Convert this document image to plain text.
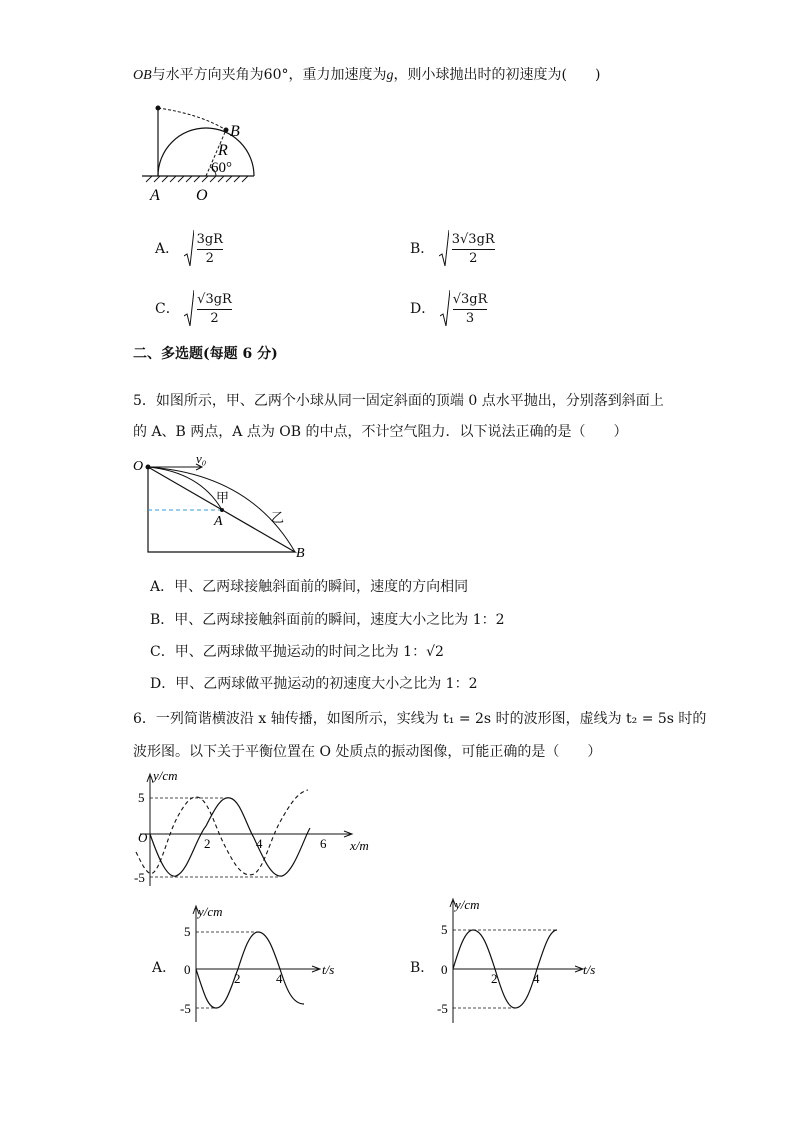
OB与水平方向夹角为60°，重力加速度为g，则小球抛出时的初速度为(　　)
B
R
60°
A O
A．
3gR
2
B．
3√3gR
2
C．
√3gR
2
D．
√3gR
3
二、多选题(每题 6 分)
5．如图所示，甲、乙两个小球从同一固定斜面的顶端 0 点水平抛出，分别落到斜面上
的 A、B 两点，A 点为 OB 的中点，不计空气阻力．以下说法正确的是（　　）
O
v₀
甲
A	乙
B
A．甲、乙两球接触斜面前的瞬间，速度的方向相同
B．甲、乙两球接触斜面前的瞬间，速度大小之比为 1：2
C．甲、乙两球做平抛运动的时间之比为 1：√2
D．甲、乙两球做平抛运动的初速度大小之比为 1：2
6．一列简谐横波沿 x 轴传播，如图所示，实线为 t₁ = 2s 时的波形图，虚线为 t₂ = 5s 时的
波形图。以下关于平衡位置在 O 处质点的振动图像，可能正确的是（　　）
y/cm
5
-5
O	2	4	6 x/m
A．
y/cm
5
0
-5
2	4
t/s	B．
y/cm
5
0
-5
2	4
t/s
